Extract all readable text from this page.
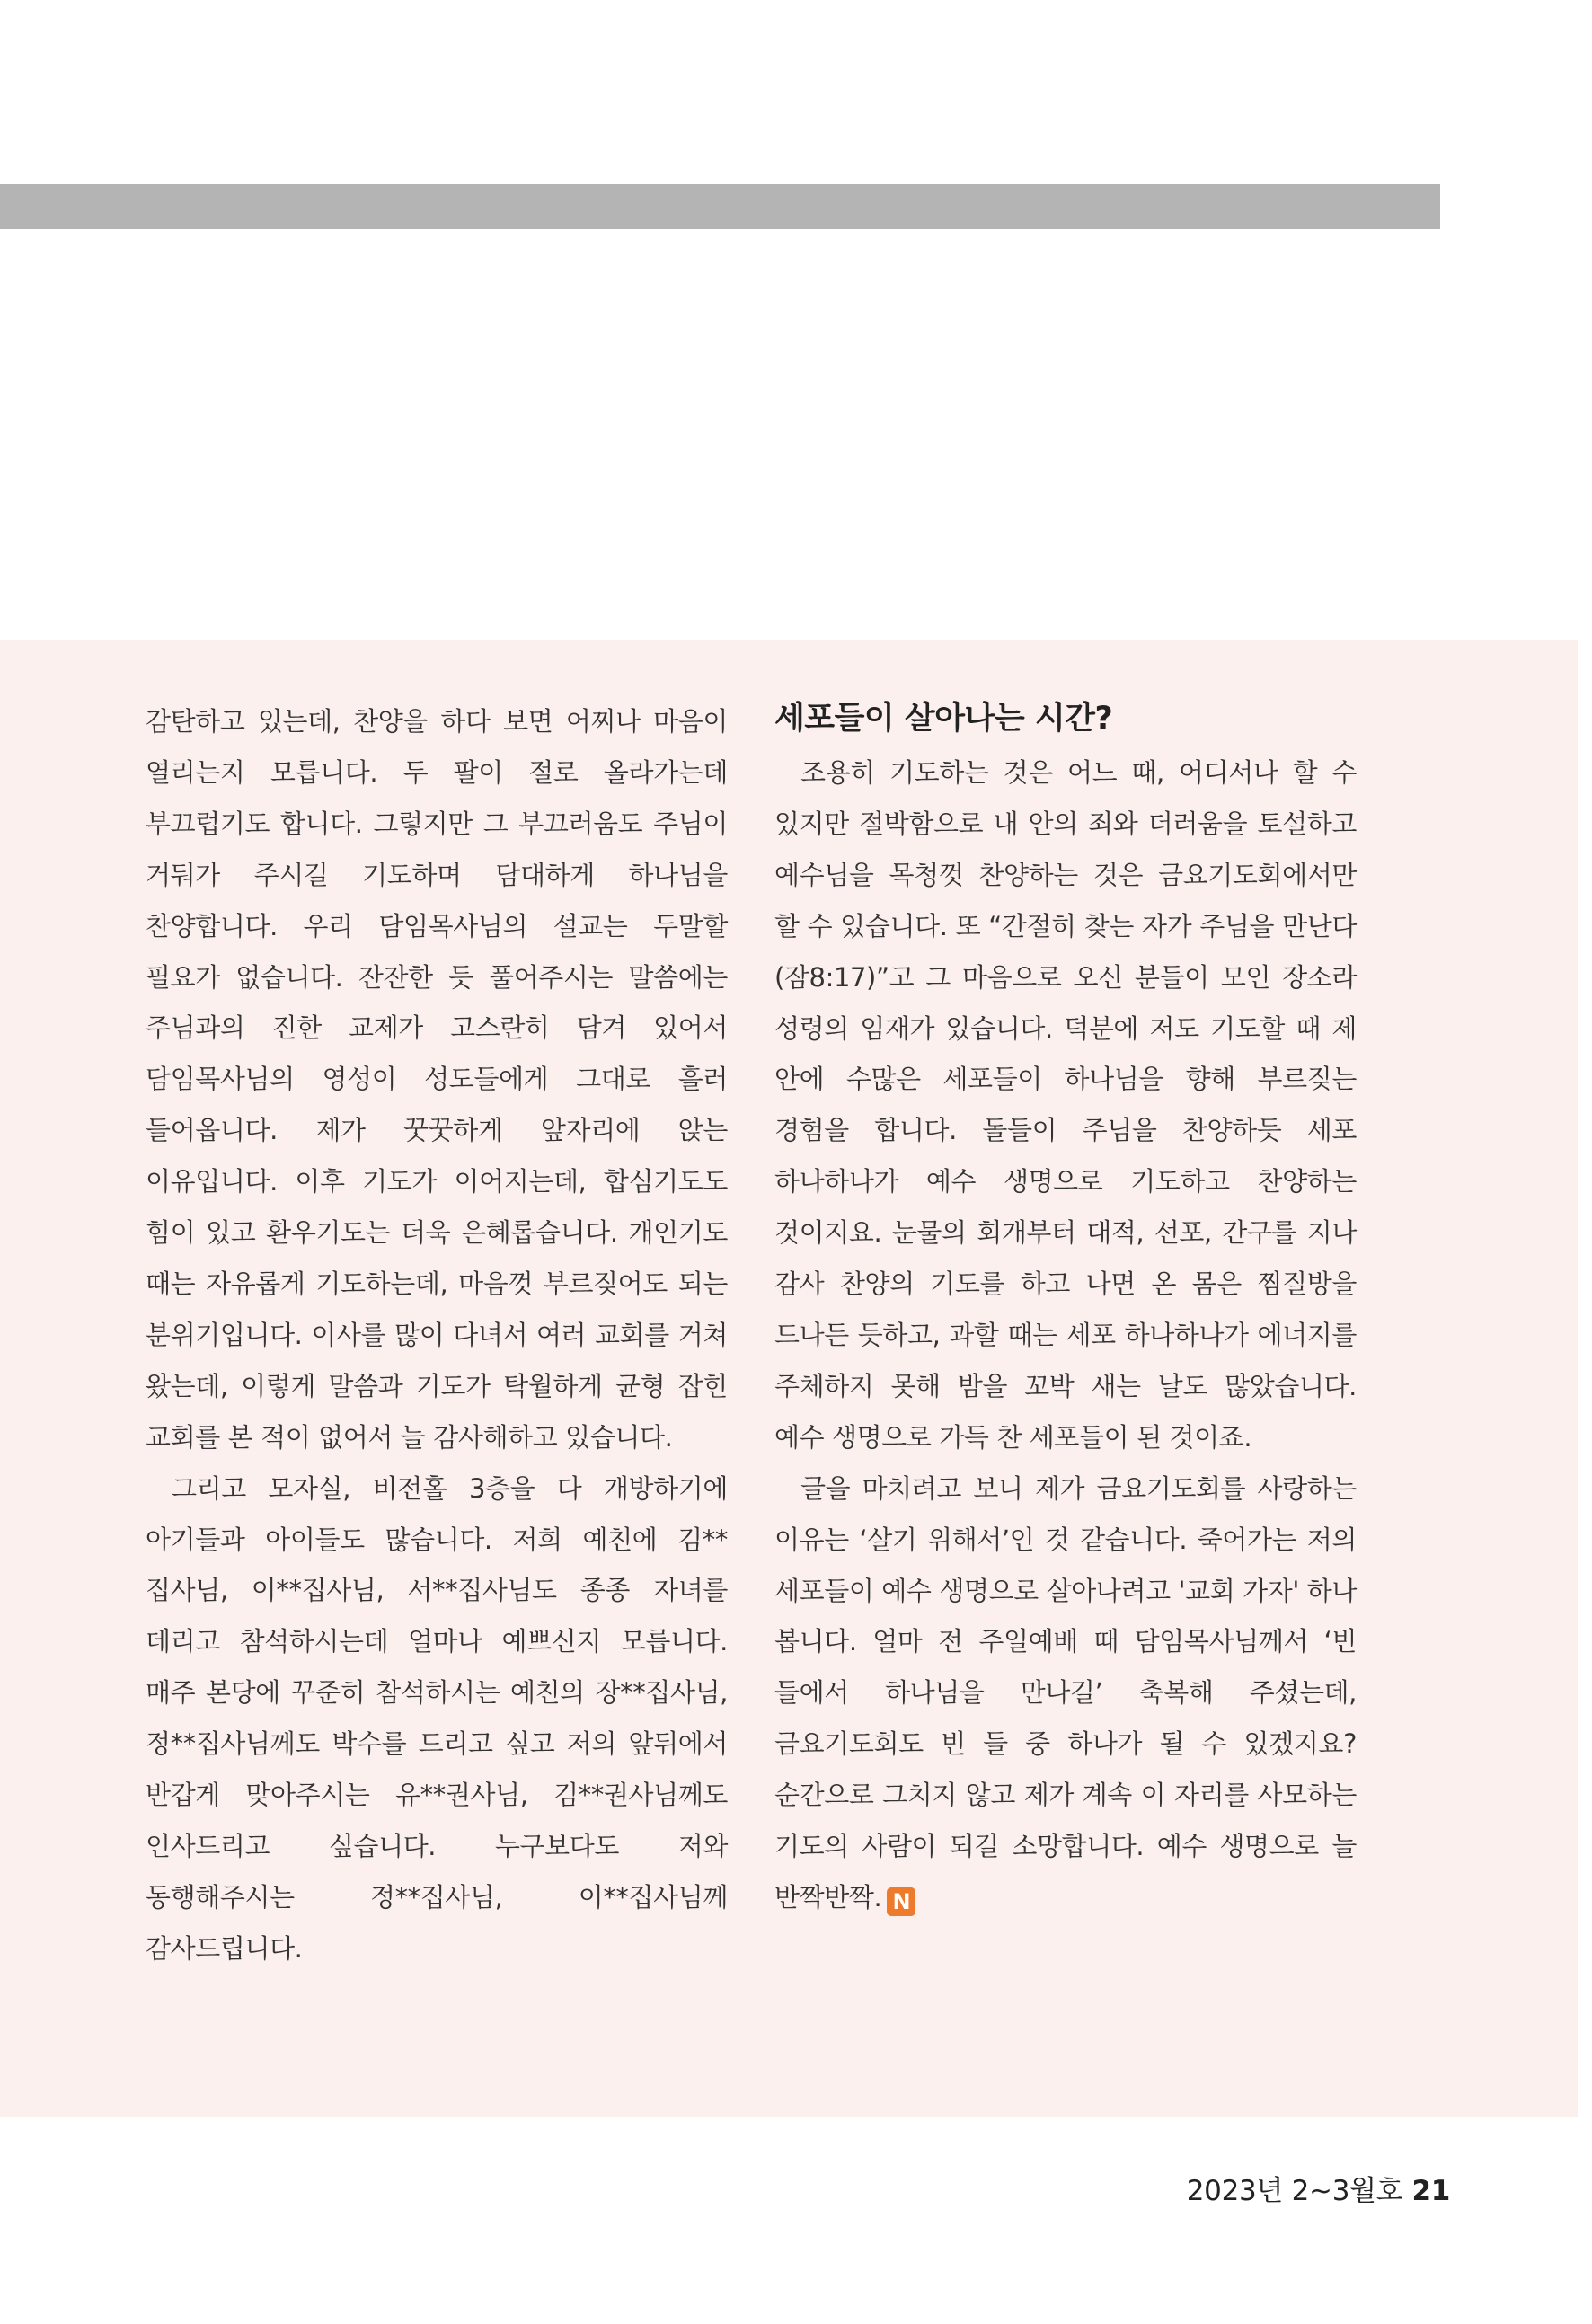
감탄하고 있는데, 찬양을 하다 보면 어찌나 마음이 열리는지 모릅니다. 두 팔이 절로 올라가는데 부끄럽기도 합니다. 그렇지만 그 부끄러움도 주님이 거둬가 주시길 기도하며 담대하게 하나님을 찬양합니다. 우리 담임목사님의 설교는 두말할 필요가 없습니다. 잔잔한 듯 풀어주시는 말씀에는 주님과의 진한 교제가 고스란히 담겨 있어서 담임목사님의 영성이 성도들에게 그대로 흘러 들어옵니다. 제가 꿋꿋하게 앞자리에 앉는 이유입니다. 이후 기도가 이어지는데, 합심기도도 힘이 있고 환우기도는 더욱 은혜롭습니다. 개인기도 때는 자유롭게 기도하는데, 마음껏 부르짖어도 되는 분위기입니다. 이사를 많이 다녀서 여러 교회를 거쳐 왔는데, 이렇게 말씀과 기도가 탁월하게 균형 잡힌 교회를 본 적이 없어서 늘 감사해하고 있습니다.

그리고 모자실, 비전홀 3층을 다 개방하기에 아기들과 아이들도 많습니다. 저희 예친에 김**집사님, 이**집사님, 서**집사님도 종종 자녀를 데리고 참석하시는데 얼마나 예쁘신지 모릅니다. 매주 본당에 꾸준히 참석하시는 예친의 장**집사님, 정**집사님께도 박수를 드리고 싶고 저의 앞뒤에서 반갑게 맞아주시는 유**권사님, 김**권사님께도 인사드리고 싶습니다. 누구보다도 저와 동행해주시는 정**집사님, 이**집사님께 감사드립니다.

세포들이 살아나는 시간?

조용히 기도하는 것은 어느 때, 어디서나 할 수 있지만 절박함으로 내 안의 죄와 더러움을 토설하고 예수님을 목청껏 찬양하는 것은 금요기도회에서만 할 수 있습니다. 또 “간절히 찾는 자가 주님을 만난다(잠8:17)”고 그 마음으로 오신 분들이 모인 장소라 성령의 임재가 있습니다. 덕분에 저도 기도할 때 제 안에 수많은 세포들이 하나님을 향해 부르짖는 경험을 합니다. 돌들이 주님을 찬양하듯 세포 하나하나가 예수 생명으로 기도하고 찬양하는 것이지요. 눈물의 회개부터 대적, 선포, 간구를 지나 감사 찬양의 기도를 하고 나면 온 몸은 찜질방을 드나든 듯하고, 과할 때는 세포 하나하나가 에너지를 주체하지 못해 밤을 꼬박 새는 날도 많았습니다. 예수 생명으로 가득 찬 세포들이 된 것이죠.

글을 마치려고 보니 제가 금요기도회를 사랑하는 이유는 ‘살기 위해서’인 것 같습니다. 죽어가는 저의 세포들이 예수 생명으로 살아나려고 '교회 가자' 하나 봅니다. 얼마 전 주일예배 때 담임목사님께서 ‘빈 들에서 하나님을 만나길’ 축복해 주셨는데, 금요기도회도 빈 들 중 하나가 될 수 있겠지요? 순간으로 그치지 않고 제가 계속 이 자리를 사모하는 기도의 사람이 되길 소망합니다. 예수 생명으로 늘 반짝반짝. N

2023년 2~3월호 21
